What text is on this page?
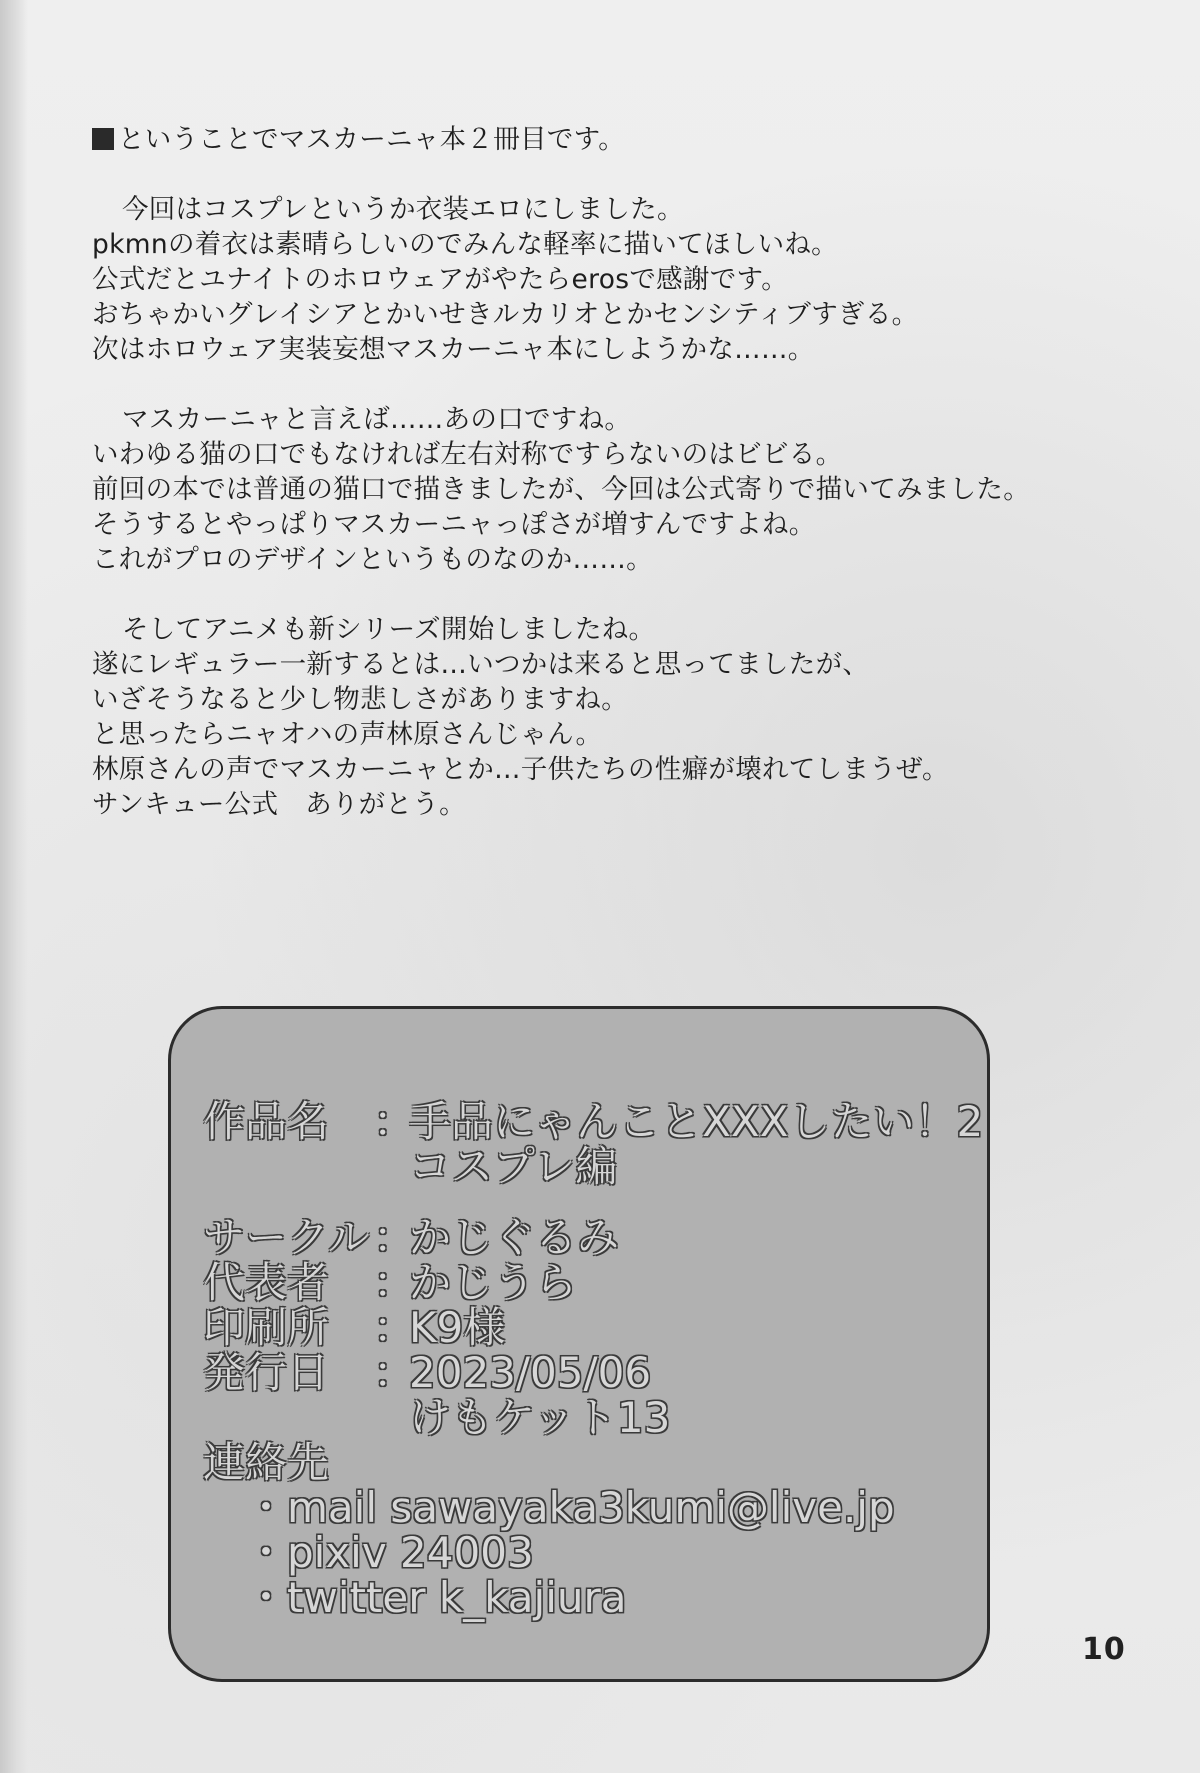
ということでマスカーニャ本２冊目です。
今回はコスプレというか衣装エロにしました。
pkmnの着衣は素晴らしいのでみんな軽率に描いてほしいね。
公式だとユナイトのホロウェアがやたらerosで感謝です。
おちゃかいグレイシアとかいせきルカリオとかセンシティブすぎる。
次はホロウェア実装妄想マスカーニャ本にしようかな……。
マスカーニャと言えば……あの口ですね。
いわゆる猫の口でもなければ左右対称ですらないのはビビる。
前回の本では普通の猫口で描きましたが、今回は公式寄りで描いてみました。
そうするとやっぱりマスカーニャっぽさが増すんですよね。
これがプロのデザインというものなのか……。
そしてアニメも新シリーズ開始しましたね。
遂にレギュラー一新するとは…いつかは来ると思ってましたが、
いざそうなると少し物悲しさがありますね。
と思ったらニャオハの声林原さんじゃん。
林原さんの声でマスカーニャとか…子供たちの性癖が壊れてしまうぜ。
サンキュー公式　ありがとう。
作品名 ：手品にゃんことXXXしたい！2
コスプレ編
サークル：かじぐるみ
代表者 ：かじうら
印刷所 ：K9様
発行日 ：2023/05/06
けもケット13
連絡先
・mail sawayaka3kumi@live.jp
・pixiv 24003
・twitter k_kajiura
10
